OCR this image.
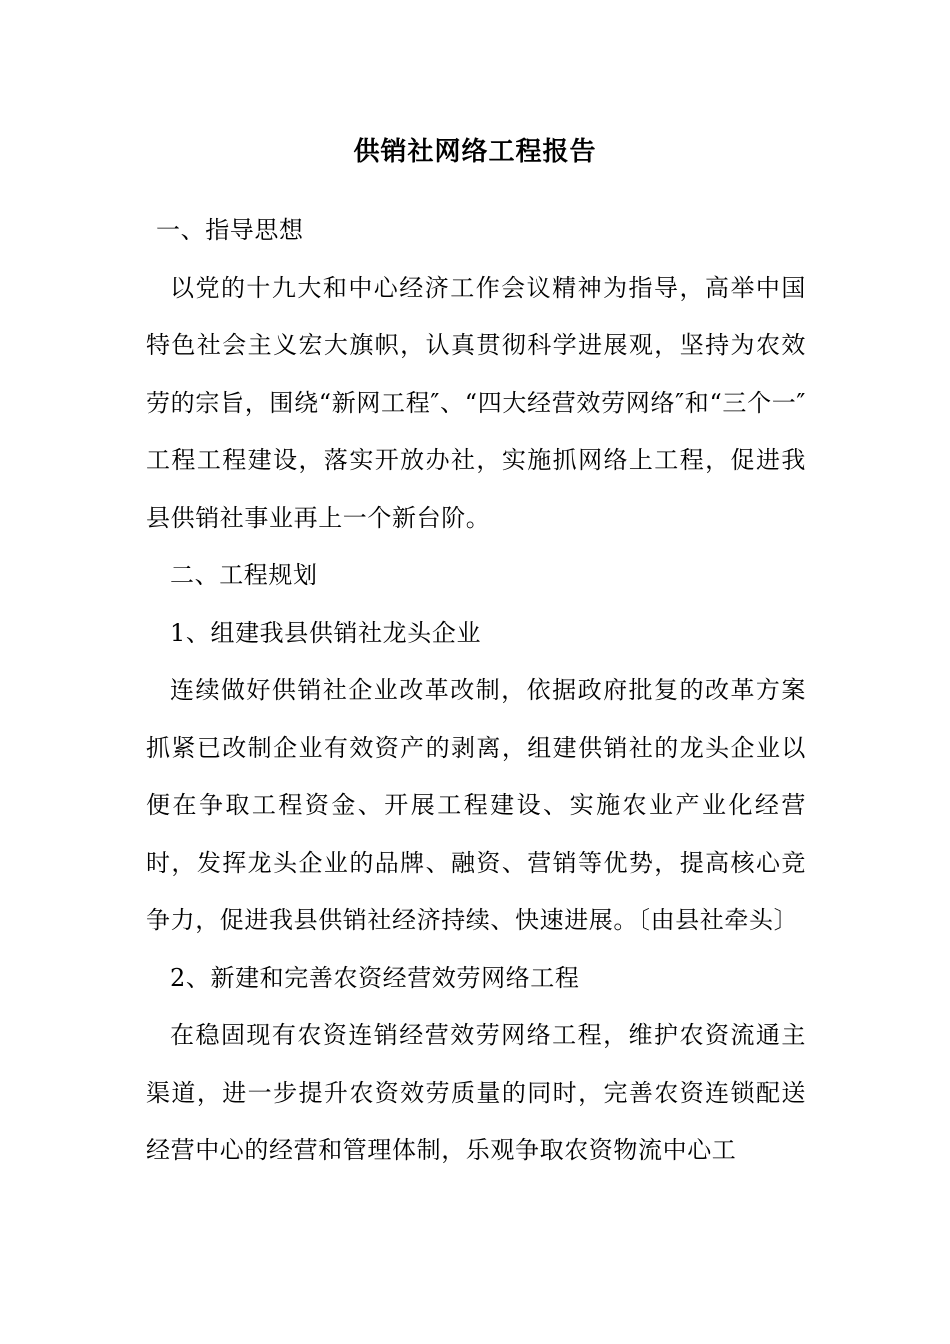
供销社网络工程报告

一、指导思想

以党的十九大和中心经济工作会议精神为指导，高举中国特色社会主义宏大旗帜，认真贯彻科学进展观，坚持为农效劳的宗旨，围绕“新网工程″、“四大经营效劳网络″和“三个一″工程工程建设，落实开放办社，实施抓网络上工程，促进我县供销社事业再上一个新台阶。

二、工程规划

1、组建我县供销社龙头企业

连续做好供销社企业改革改制，依据政府批复的改革方案抓紧已改制企业有效资产的剥离，组建供销社的龙头企业以便在争取工程资金、开展工程建设、实施农业产业化经营时，发挥龙头企业的品牌、融资、营销等优势，提高核心竞争力，促进我县供销社经济持续、快速进展。〔由县社牵头〕

2、新建和完善农资经营效劳网络工程

在稳固现有农资连销经营效劳网络工程，维护农资流通主渠道，进一步提升农资效劳质量的同时，完善农资连锁配送经营中心的经营和管理体制，乐观争取农资物流中心工
